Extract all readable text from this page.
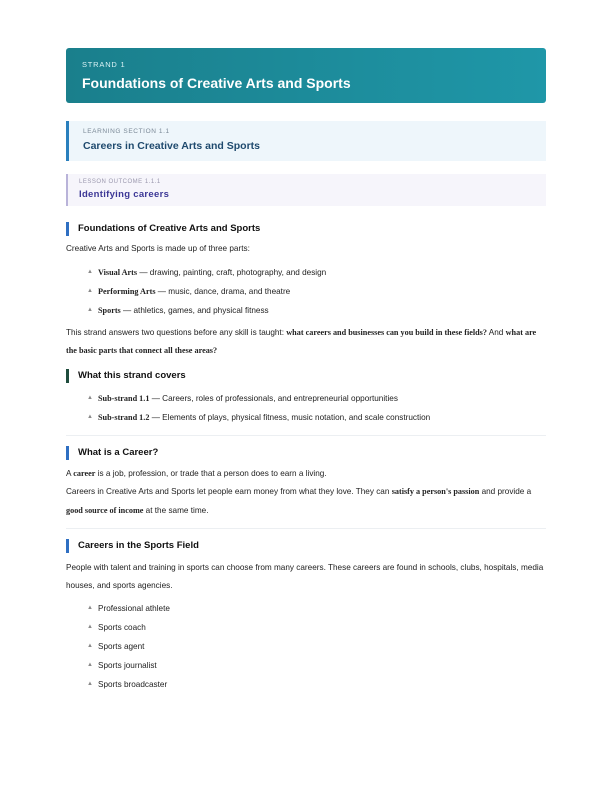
STRAND 1
Foundations of Creative Arts and Sports
LEARNING SECTION 1.1
Careers in Creative Arts and Sports
LESSON OUTCOME 1.1.1
Identifying careers
Foundations of Creative Arts and Sports
Creative Arts and Sports is made up of three parts:
▲ Visual Arts — drawing, painting, craft, photography, and design
▲ Performing Arts — music, dance, drama, and theatre
▲ Sports — athletics, games, and physical fitness
This strand answers two questions before any skill is taught: what careers and businesses can you build in these fields? And what are the basic parts that connect all these areas?
What this strand covers
▲ Sub-strand 1.1 — Careers, roles of professionals, and entrepreneurial opportunities
▲ Sub-strand 1.2 — Elements of plays, physical fitness, music notation, and scale construction
What is a Career?
A career is a job, profession, or trade that a person does to earn a living.
Careers in Creative Arts and Sports let people earn money from what they love. They can satisfy a person's passion and provide a good source of income at the same time.
Careers in the Sports Field
People with talent and training in sports can choose from many careers. These careers are found in schools, clubs, hospitals, media houses, and sports agencies.
▲ Professional athlete
▲ Sports coach
▲ Sports agent
▲ Sports journalist
▲ Sports broadcaster
